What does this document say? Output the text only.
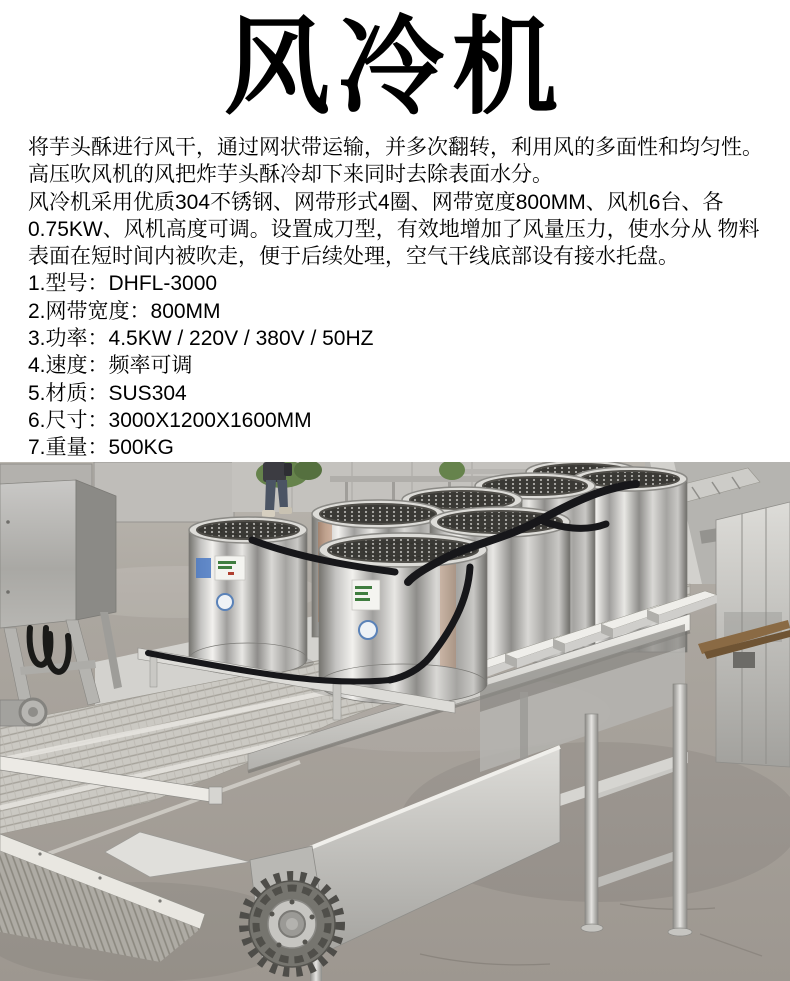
风冷机
将芋头酥进行风干，通过网状带运输，并多次翻转，利用风的多面性和均匀性。
高压吹风机的风把炸芋头酥冷却下来同时去除表面水分。
风冷机采用优质304不锈钢、网带形式4圈、网带宽度800MM、风机6台、各
0.75KW、风机高度可调。设置成刀型，有效地增加了风量压力，使水分从 物料
表面在短时间内被吹走，便于后续处理，空气干线底部设有接水托盘。
1.型号：DHFL-3000
2.网带宽度：800MM
3.功率：4.5KW / 220V / 380V / 50HZ
4.速度：频率可调
5.材质：SUS304
6.尺寸：3000X1200X1600MM
7.重量：500KG
